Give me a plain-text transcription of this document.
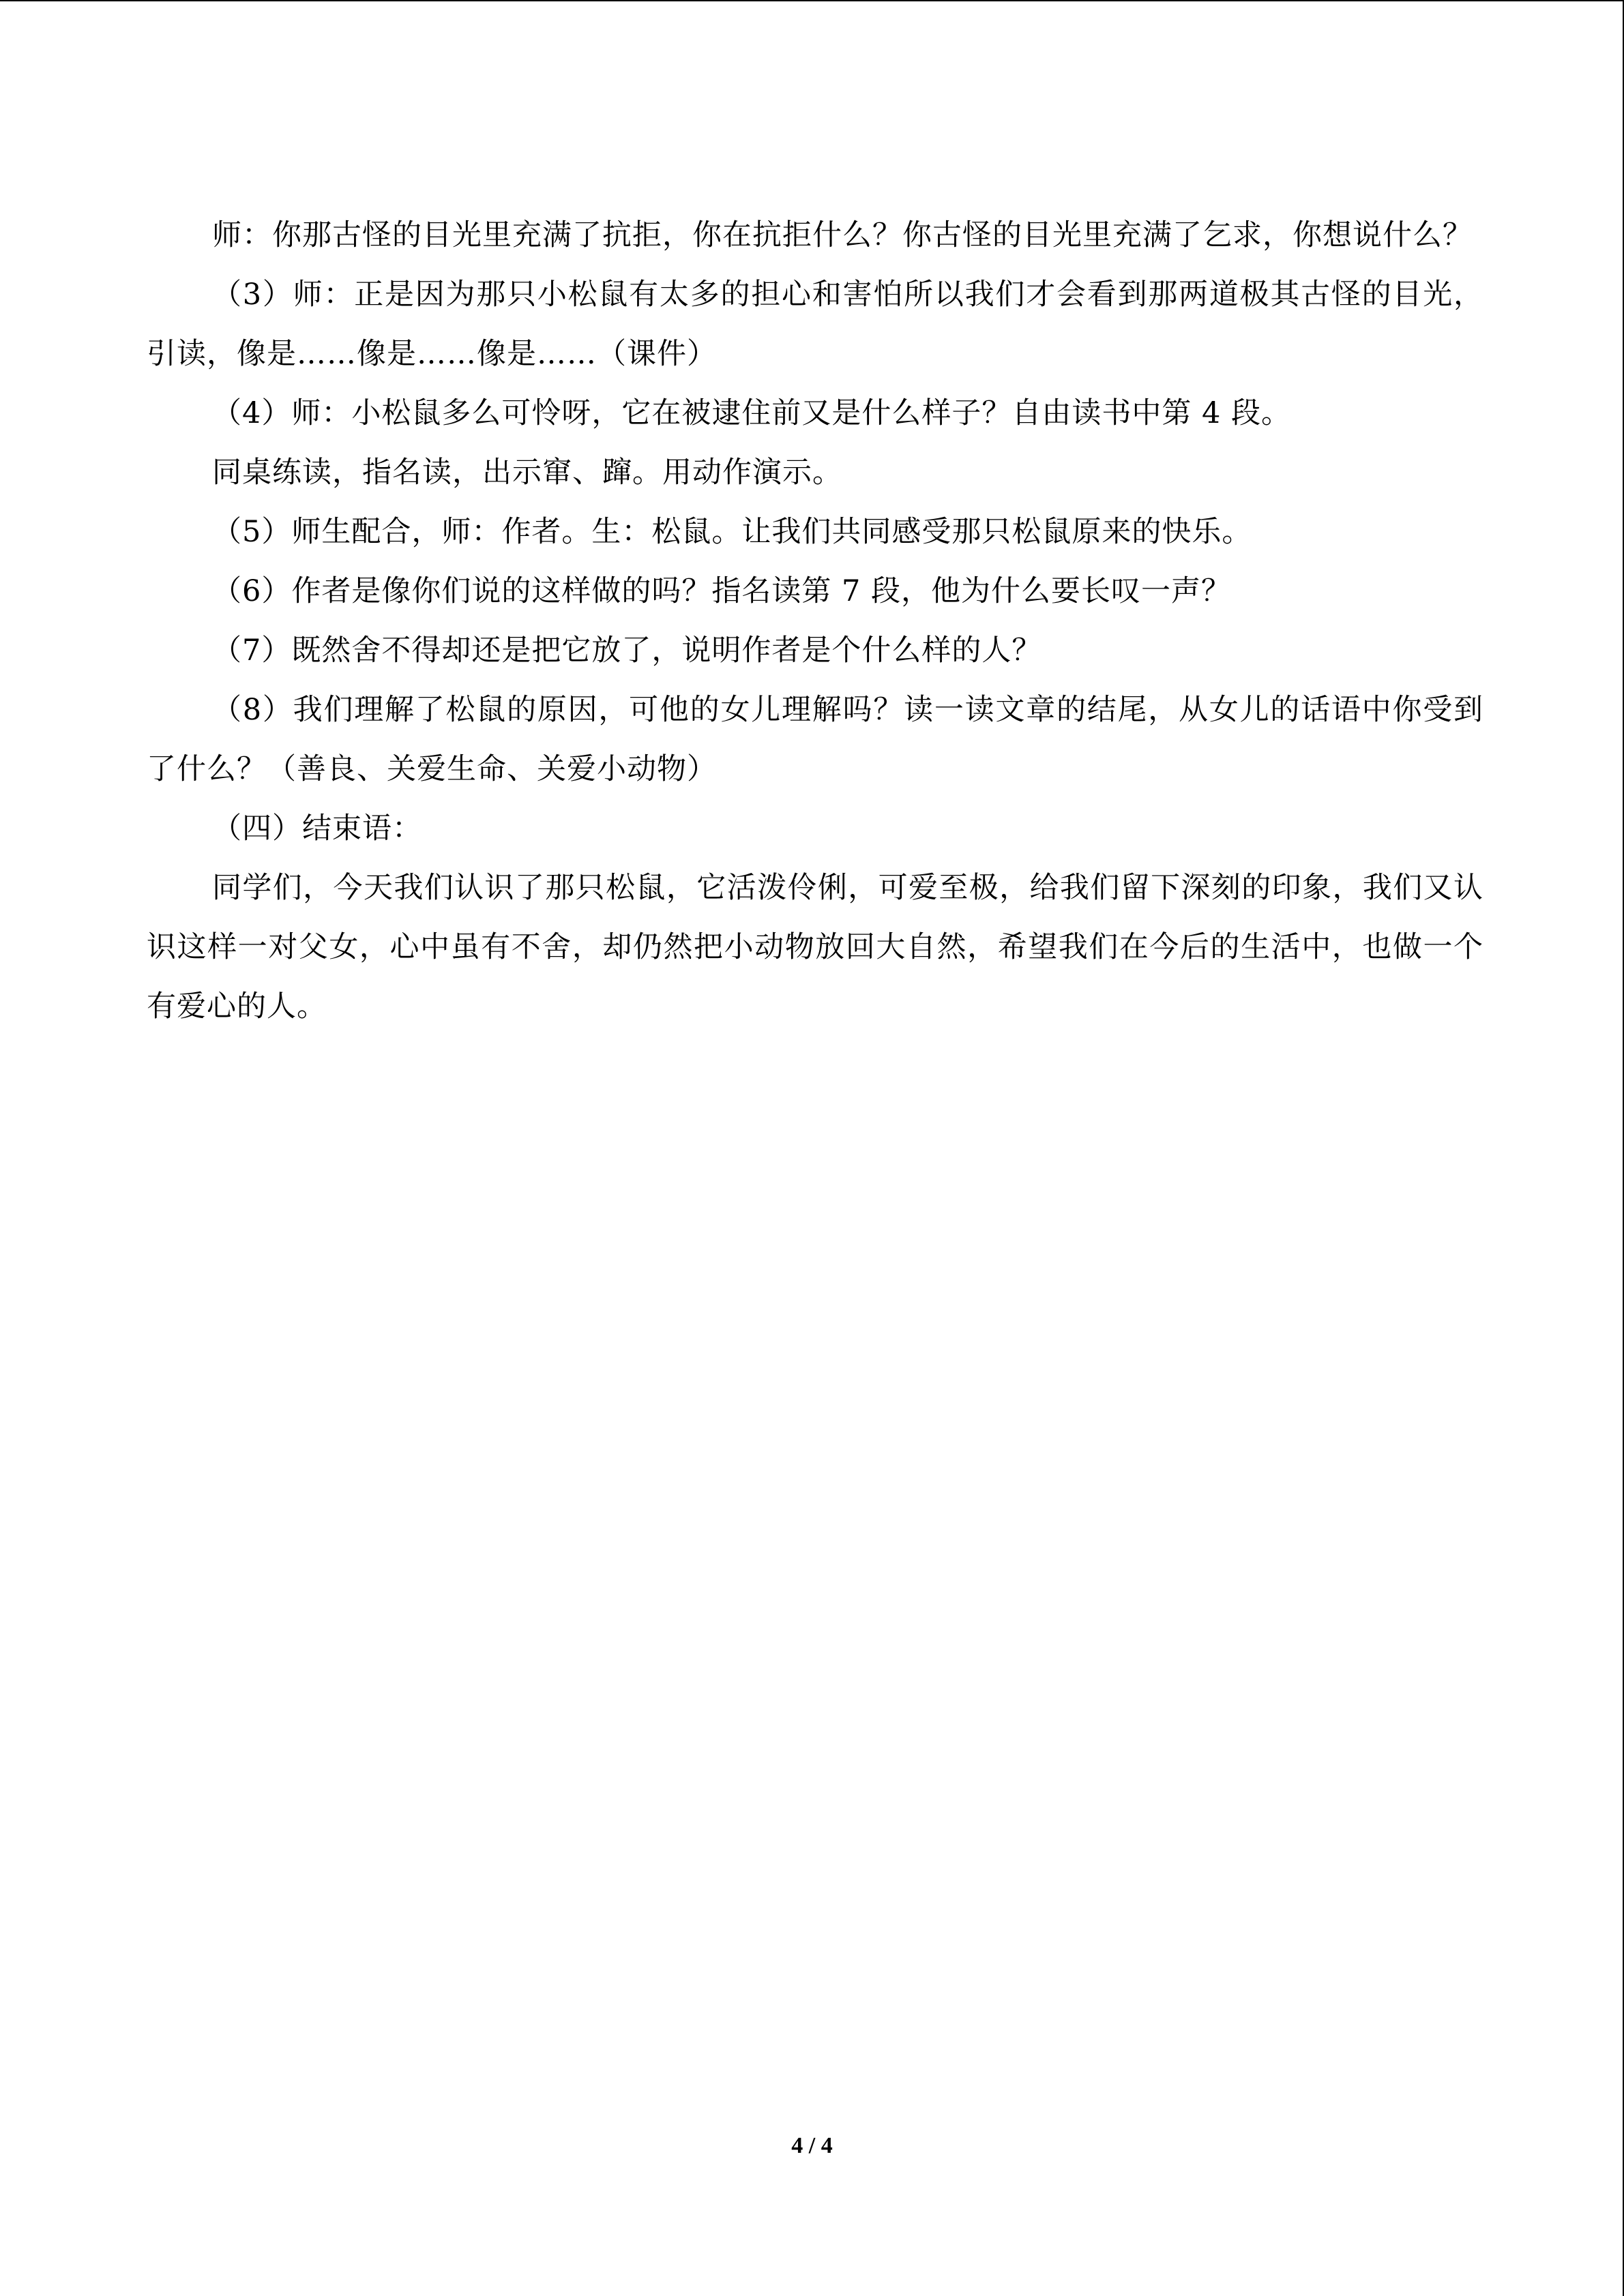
师：你那古怪的目光里充满了抗拒，你在抗拒什么？你古怪的目光里充满了乞求，你想说什么？

（3）师：正是因为那只小松鼠有太多的担心和害怕所以我们才会看到那两道极其古怪的目光，引读，像是……像是……像是……（课件）

（4）师：小松鼠多么可怜呀，它在被逮住前又是什么样子？自由读书中第 4 段。

同桌练读，指名读，出示窜、蹿。用动作演示。

（5）师生配合，师：作者。生：松鼠。让我们共同感受那只松鼠原来的快乐。

（6）作者是像你们说的这样做的吗？指名读第 7 段，他为什么要长叹一声？

（7）既然舍不得却还是把它放了，说明作者是个什么样的人？

（8）我们理解了松鼠的原因，可他的女儿理解吗？读一读文章的结尾，从女儿的话语中你受到了什么？（善良、关爱生命、关爱小动物）

（四）结束语：

同学们，今天我们认识了那只松鼠，它活泼伶俐，可爱至极，给我们留下深刻的印象，我们又认识这样一对父女，心中虽有不舍，却仍然把小动物放回大自然，希望我们在今后的生活中，也做一个有爱心的人。

4 / 4
